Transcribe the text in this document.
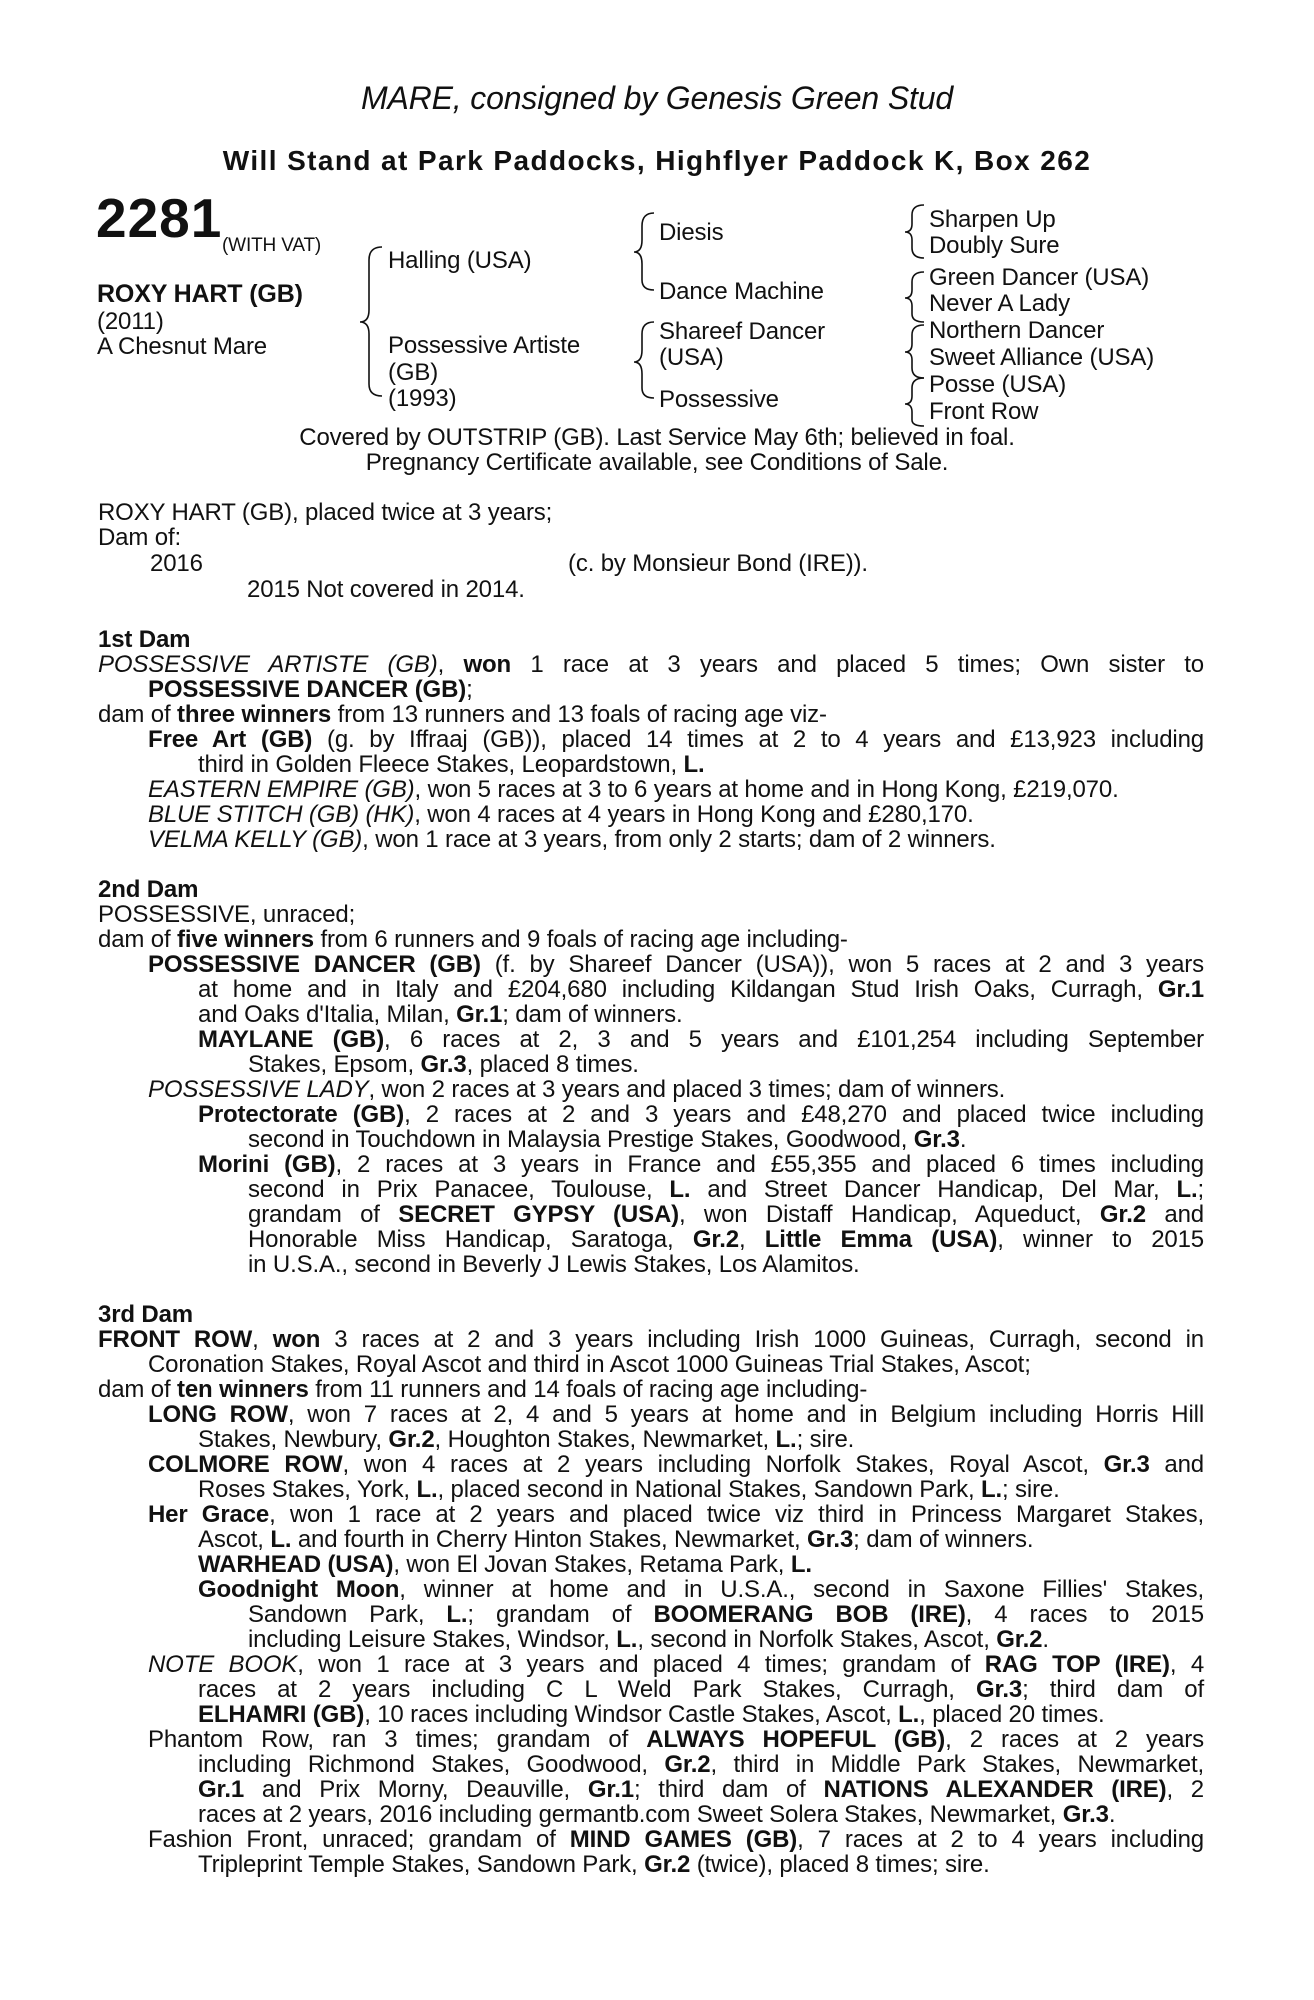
MARE, consigned by Genesis Green Stud
Will Stand at Park Paddocks, Highflyer Paddock K, Box 262
2281 (WITH VAT)
ROXY HART (GB)
(2011)
A Chesnut Mare
Halling (USA)
Possessive Artiste
(GB)
(1993)
Diesis
Dance Machine
Shareef Dancer
(USA)
Possessive
Sharpen Up
Doubly Sure
Green Dancer (USA)
Never A Lady
Northern Dancer
Sweet Alliance (USA)
Posse (USA)
Front Row
Covered by OUTSTRIP (GB). Last Service May 6th; believed in foal.
Pregnancy Certificate available, see Conditions of Sale.
ROXY HART (GB), placed twice at 3 years;
Dam of:
2016	(c. by Monsieur Bond (IRE)).
2015 Not covered in 2014.
1st Dam
POSSESSIVE ARTISTE (GB), won 1 race at 3 years and placed 5 times; Own sister to
POSSESSIVE DANCER (GB);
dam of three winners from 13 runners and 13 foals of racing age viz-
Free Art (GB) (g. by Iffraaj (GB)), placed 14 times at 2 to 4 years and £13,923 including
third in Golden Fleece Stakes, Leopardstown, L.
EASTERN EMPIRE (GB), won 5 races at 3 to 6 years at home and in Hong Kong, £219,070.
BLUE STITCH (GB) (HK), won 4 races at 4 years in Hong Kong and £280,170.
VELMA KELLY (GB), won 1 race at 3 years, from only 2 starts; dam of 2 winners.
2nd Dam
POSSESSIVE, unraced;
dam of five winners from 6 runners and 9 foals of racing age including-
POSSESSIVE DANCER (GB) (f. by Shareef Dancer (USA)), won 5 races at 2 and 3 years
at home and in Italy and £204,680 including Kildangan Stud Irish Oaks, Curragh, Gr.1
and Oaks d'Italia, Milan, Gr.1; dam of winners.
MAYLANE (GB), 6 races at 2, 3 and 5 years and £101,254 including September
Stakes, Epsom, Gr.3, placed 8 times.
POSSESSIVE LADY, won 2 races at 3 years and placed 3 times; dam of winners.
Protectorate (GB), 2 races at 2 and 3 years and £48,270 and placed twice including
second in Touchdown in Malaysia Prestige Stakes, Goodwood, Gr.3.
Morini (GB), 2 races at 3 years in France and £55,355 and placed 6 times including
second in Prix Panacee, Toulouse, L. and Street Dancer Handicap, Del Mar, L.;
grandam of SECRET GYPSY (USA), won Distaff Handicap, Aqueduct, Gr.2 and
Honorable Miss Handicap, Saratoga, Gr.2, Little Emma (USA), winner to 2015
in U.S.A., second in Beverly J Lewis Stakes, Los Alamitos.
3rd Dam
FRONT ROW, won 3 races at 2 and 3 years including Irish 1000 Guineas, Curragh, second in
Coronation Stakes, Royal Ascot and third in Ascot 1000 Guineas Trial Stakes, Ascot;
dam of ten winners from 11 runners and 14 foals of racing age including-
LONG ROW, won 7 races at 2, 4 and 5 years at home and in Belgium including Horris Hill
Stakes, Newbury, Gr.2, Houghton Stakes, Newmarket, L.; sire.
COLMORE ROW, won 4 races at 2 years including Norfolk Stakes, Royal Ascot, Gr.3 and
Roses Stakes, York, L., placed second in National Stakes, Sandown Park, L.; sire.
Her Grace, won 1 race at 2 years and placed twice viz third in Princess Margaret Stakes,
Ascot, L. and fourth in Cherry Hinton Stakes, Newmarket, Gr.3; dam of winners.
WARHEAD (USA), won El Jovan Stakes, Retama Park, L.
Goodnight Moon, winner at home and in U.S.A., second in Saxone Fillies' Stakes,
Sandown Park, L.; grandam of BOOMERANG BOB (IRE), 4 races to 2015
including Leisure Stakes, Windsor, L., second in Norfolk Stakes, Ascot, Gr.2.
NOTE BOOK, won 1 race at 3 years and placed 4 times; grandam of RAG TOP (IRE), 4
races at 2 years including C L Weld Park Stakes, Curragh, Gr.3; third dam of
ELHAMRI (GB), 10 races including Windsor Castle Stakes, Ascot, L., placed 20 times.
Phantom Row, ran 3 times; grandam of ALWAYS HOPEFUL (GB), 2 races at 2 years
including Richmond Stakes, Goodwood, Gr.2, third in Middle Park Stakes, Newmarket,
Gr.1 and Prix Morny, Deauville, Gr.1; third dam of NATIONS ALEXANDER (IRE), 2
races at 2 years, 2016 including germantb.com Sweet Solera Stakes, Newmarket, Gr.3.
Fashion Front, unraced; grandam of MIND GAMES (GB), 7 races at 2 to 4 years including
Tripleprint Temple Stakes, Sandown Park, Gr.2 (twice), placed 8 times; sire.
